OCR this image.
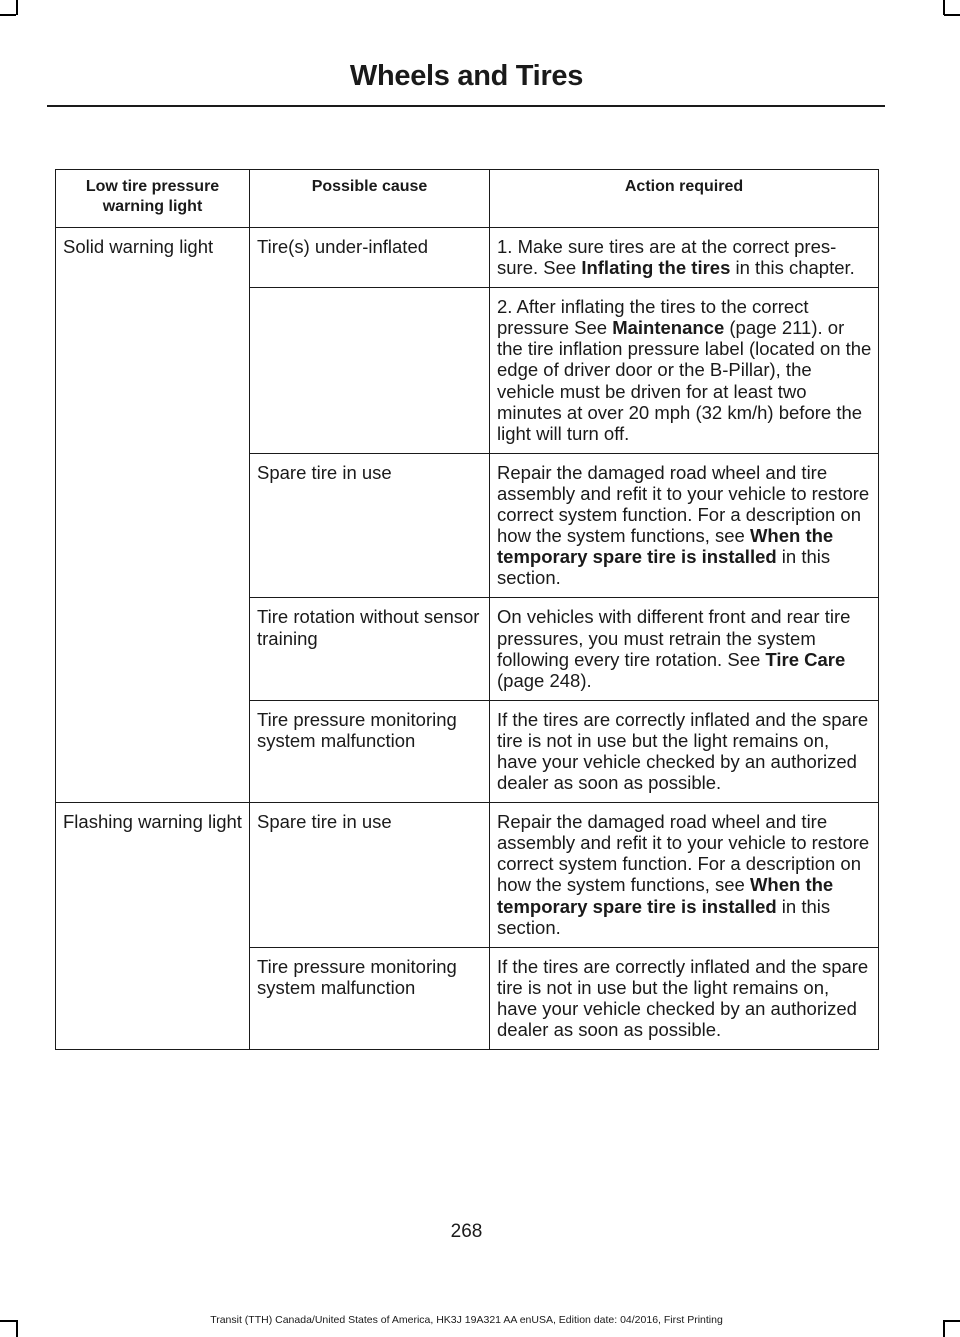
Wheels and Tires
Low tire pressure warning light	Possible cause	Action required
Solid warning light	Tire(s) under-inflated	1. Make sure tires are at the correct pres-sure. See Inflating the tires in this chapter.
		2. After inflating the tires to the correct pressure See Maintenance (page 211). or the tire inflation pressure label (located on the edge of driver door or the B-Pillar), the vehicle must be driven for at least two minutes at over 20 mph (32 km/h) before the light will turn off.
	Spare tire in use	Repair the damaged road wheel and tire assembly and refit it to your vehicle to restore correct system function. For a description on how the system functions, see When the temporary spare tire is installed in this section.
	Tire rotation without sensor training	On vehicles with different front and rear tire pressures, you must retrain the system following every tire rotation. See Tire Care (page 248).
	Tire pressure monitoring system malfunction	If the tires are correctly inflated and the spare tire is not in use but the light remains on, have your vehicle checked by an authorized dealer as soon as possible.
Flashing warning light	Spare tire in use	Repair the damaged road wheel and tire assembly and refit it to your vehicle to restore correct system function. For a description on how the system functions, see When the temporary spare tire is installed in this section.
	Tire pressure monitoring system malfunction	If the tires are correctly inflated and the spare tire is not in use but the light remains on, have your vehicle checked by an authorized dealer as soon as possible.
268
Transit (TTH) Canada/United States of America, HK3J 19A321 AA enUSA, Edition date: 04/2016, First Printing
